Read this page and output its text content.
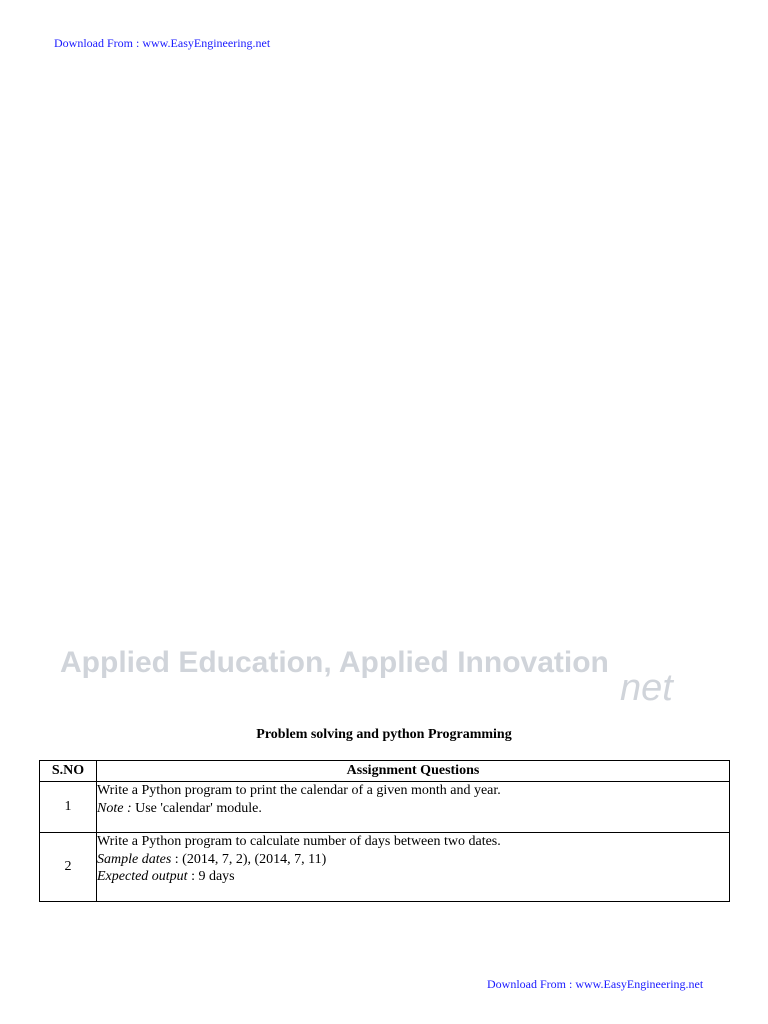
Download From : www.EasyEngineering.net
Applied Education, Applied Innovation
net
Problem solving and python Programming
S.NO	Assignment Questions
1	Write a Python program to print the calendar of a given month and year.
Note : Use 'calendar' module.

2	Write a Python program to calculate number of days between two dates.
Sample dates : (2014, 7, 2), (2014, 7, 11)
Expected output : 9 days
Download From : www.EasyEngineering.net
